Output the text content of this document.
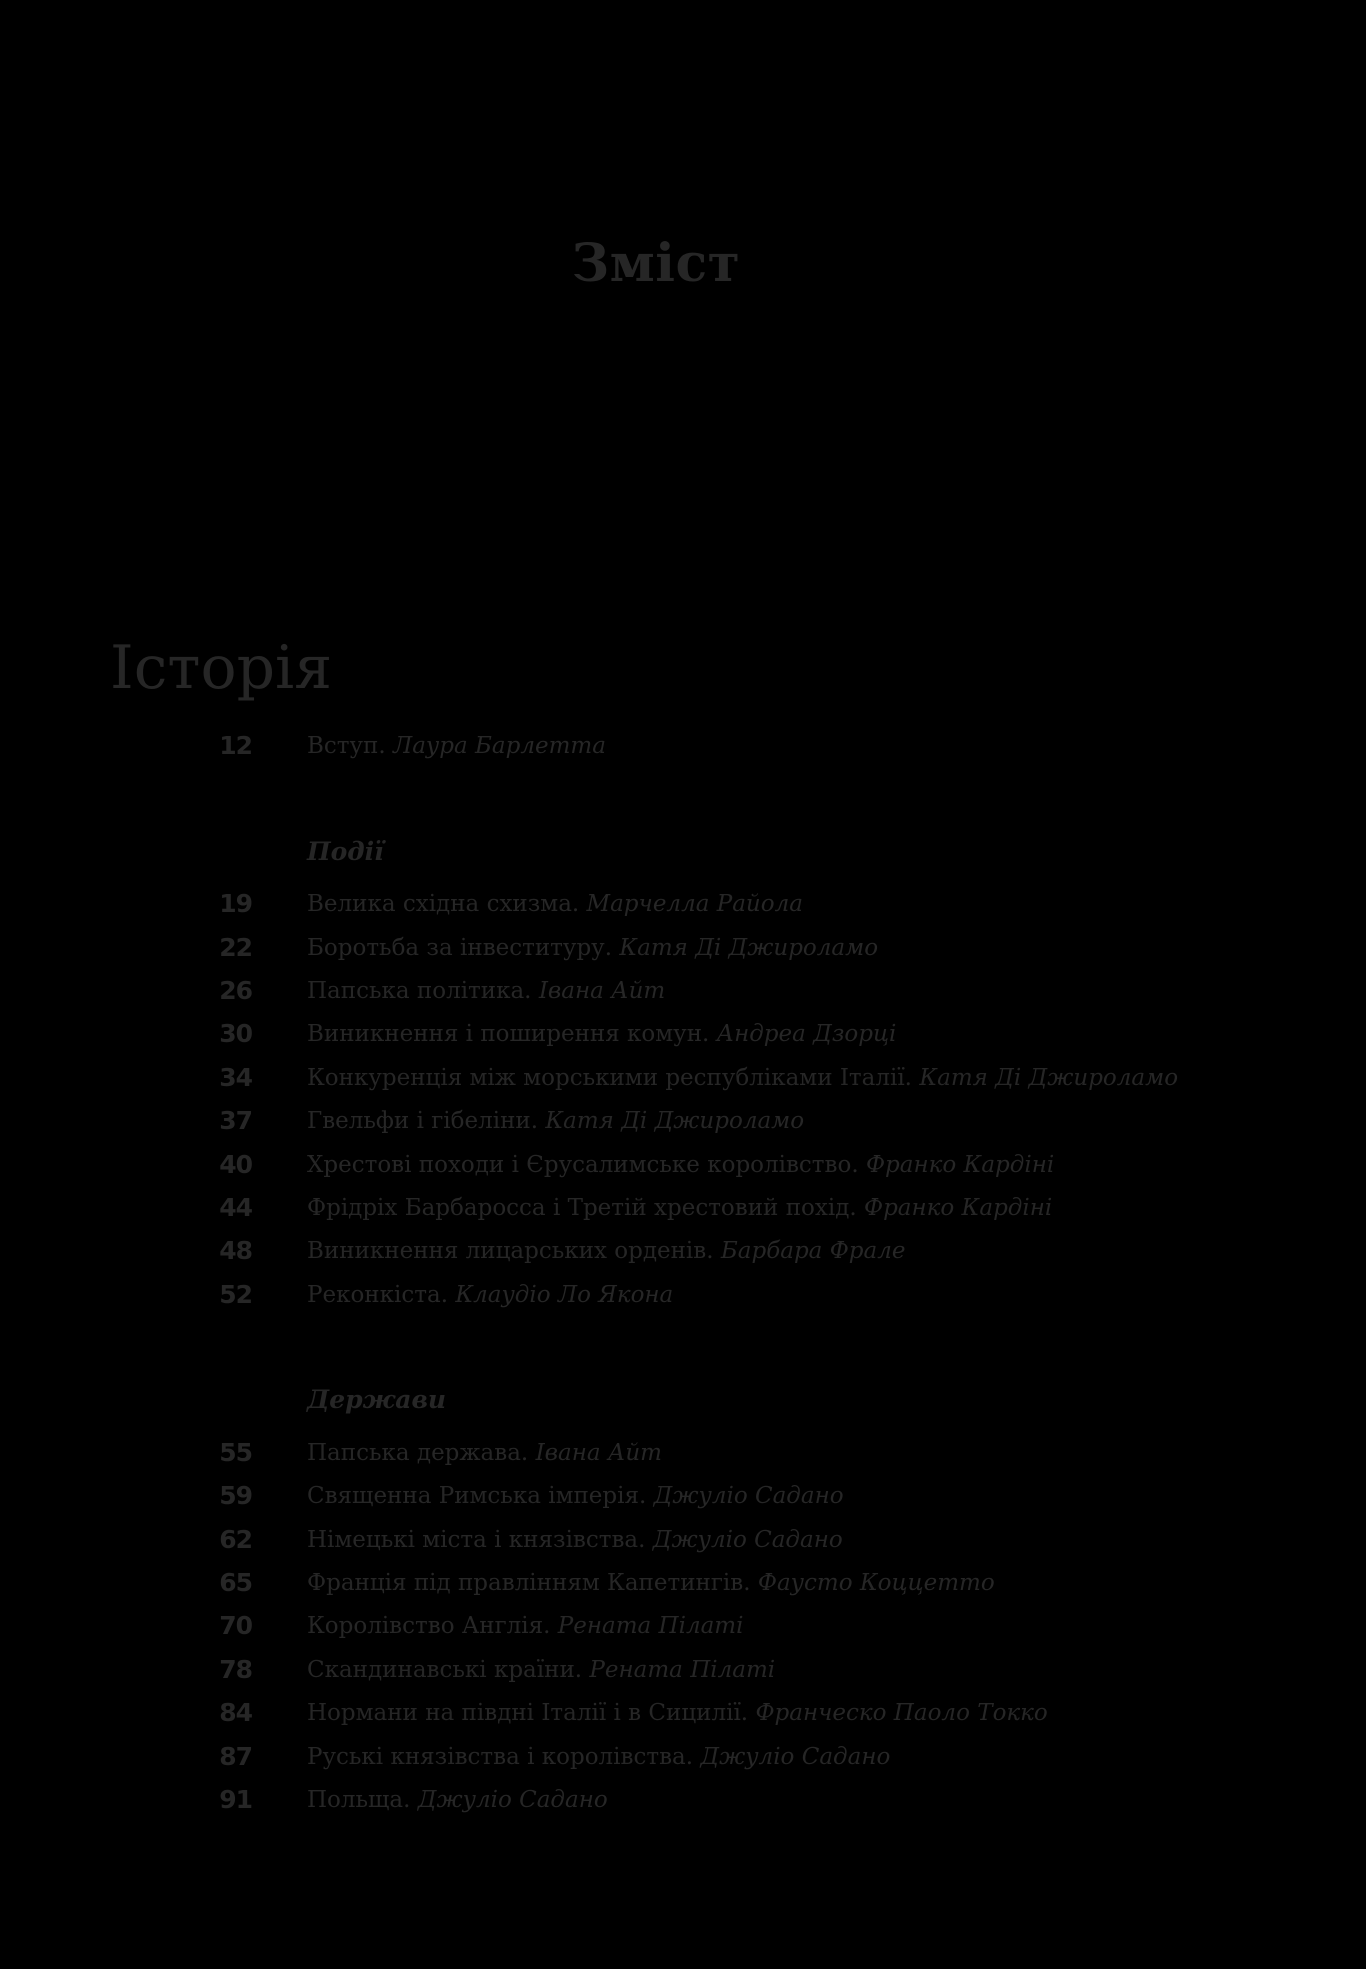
Зміст
Історія
12 Вступ. Лаура Барлетта
Події
19 Велика східна схизма. Марчелла Райола
22 Боротьба за інвеституру. Катя Ді Джироламо
26 Папська політика. Івана Айт
30 Виникнення і поширення комун. Андреа Дзорці
34 Конкуренція між морськими республіками Італії. Катя Ді Джироламо
37 Гвельфи і гібеліни. Катя Ді Джироламо
40 Хрестові походи і Єрусалимське королівство. Франко Кардіні
44 Фрідріх Барбаросса і Третій хрестовий похід. Франко Кардіні
48 Виникнення лицарських орденів. Барбара Фрале
52 Реконкіста. Клаудіо Ло Якона
Держави
55 Папська держава. Івана Айт
59 Священна Римська імперія. Джуліо Садано
62 Німецькі міста і князівства. Джуліо Садано
65 Франція під правлінням Капетингів. Фаусто Коццетто
70 Королівство Англія. Рената Пілаті
78 Скандинавські країни. Рената Пілаті
84 Нормани на півдні Італії і в Сицилії. Франческо Паоло Токко
87 Руські князівства і королівства. Джуліо Садано
91 Польща. Джуліо Садано
